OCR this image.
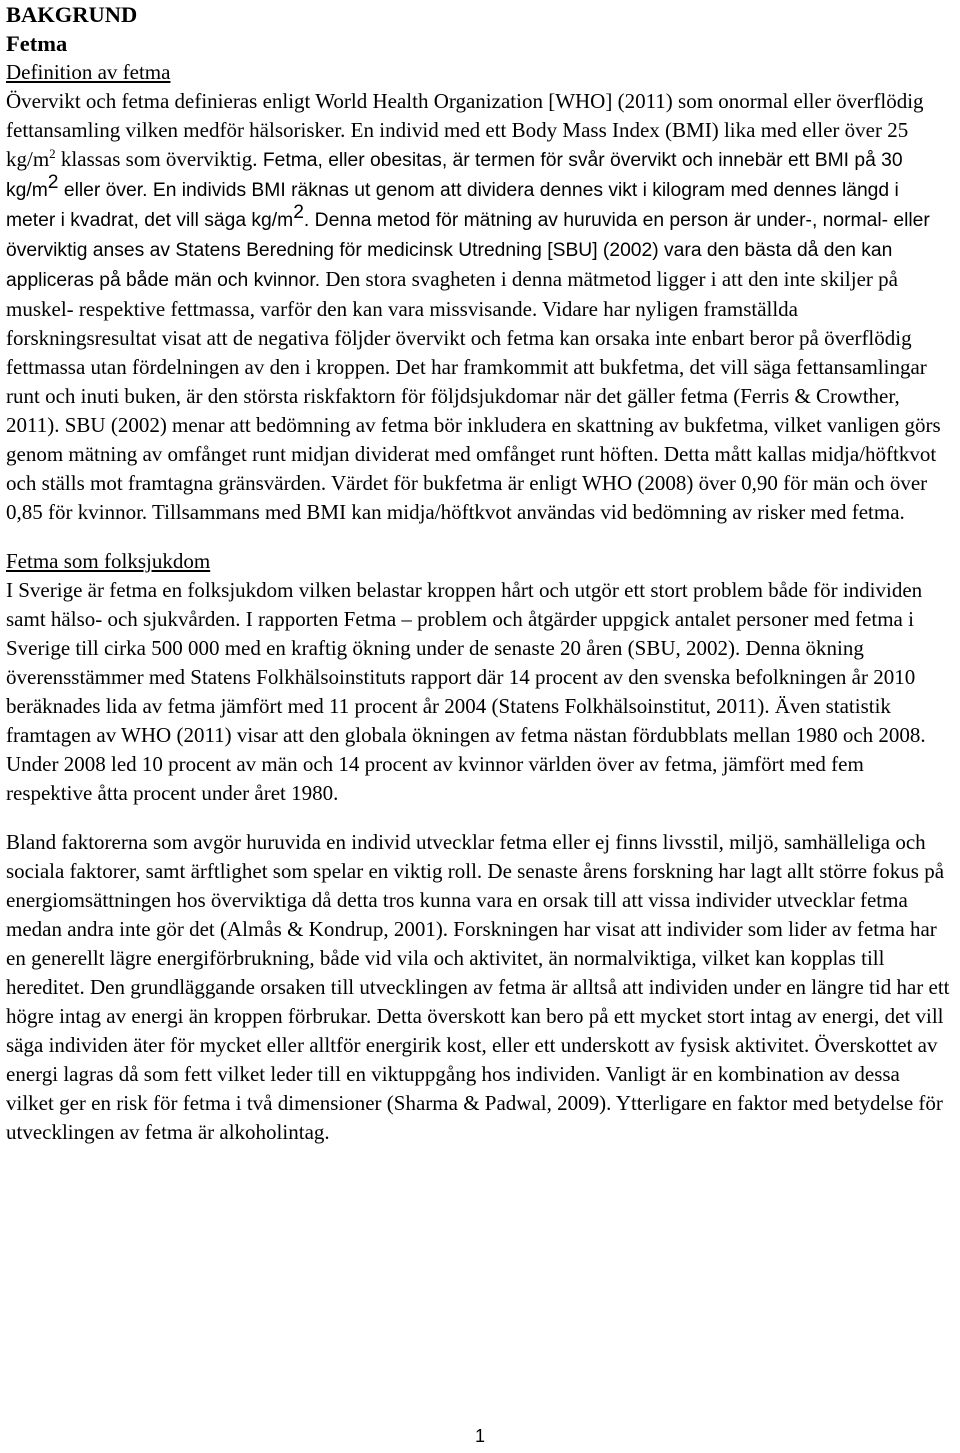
BAKGRUND
Fetma
Definition av fetma

Övervikt och fetma definieras enligt World Health Organization [WHO] (2011) som onormal eller överflödig fettansamling vilken medför hälsorisker. En individ med ett Body Mass Index (BMI) lika med eller över 25 $kg/m^2$ klassas som överviktig. Fetma, eller obesitas, är termen för svår övervikt och innebär ett BMI på 30 $kg/m^2$ eller över. En individs BMI räknas ut genom att dividera dennes vikt i kilogram med dennes längd i meter i kvadrat, det vill säga $kg/m^2$. Denna metod för mätning av huruvida en person är under-, normal- eller överviktig anses av Statens Beredning för medicinsk Utredning [SBU] (2002) vara den bästa då den kan appliceras på både män och kvinnor. Den stora svagheten i denna mätmetod ligger i att den inte skiljer på muskel- respektive fettmassa, varför den kan vara missvisande. Vidare har nyligen framställda forskningsresultat visat att de negativa följder övervikt och fetma kan orsaka inte enbart beror på överflödig fettmassa utan fördelningen av den i kroppen. Det har framkommit att bukfetma, det vill säga fettansamlingar runt och inuti buken, är den största riskfaktorn för följdsjukdomar när det gäller fetma (Ferris & Crowther, 2011). SBU (2002) menar att bedömning av fetma bör inkludera en skattning av bukfetma, vilket vanligen görs genom mätning av omfånget runt midjan dividerat med omfånget runt höften. Detta mått kallas midja/höftkvot och ställs mot framtagna gränsvärden. Värdet för bukfetma är enligt WHO (2008) över 0,90 för män och över 0,85 för kvinnor. Tillsammans med BMI kan midja/höftkvot användas vid bedömning av risker med fetma.

Fetma som folksjukdom

I Sverige är fetma en folksjukdom vilken belastar kroppen hårt och utgör ett stort problem både för individen samt hälso- och sjukvården. I rapporten Fetma – problem och åtgärder uppgick antalet personer med fetma i Sverige till cirka 500 000 med en kraftig ökning under de senaste 20 åren (SBU, 2002). Denna ökning överensstämmer med Statens Folkhälsoinstituts rapport där 14 procent av den svenska befolkningen år 2010 beräknades lida av fetma jämfört med 11 procent år 2004 (Statens Folkhälsoinstitut, 2011). Även statistik framtagen av WHO (2011) visar att den globala ökningen av fetma nästan fördubblats mellan 1980 och 2008. Under 2008 led 10 procent av män och 14 procent av kvinnor världen över av fetma, jämfört med fem respektive åtta procent under året 1980.

Bland faktorerna som avgör huruvida en individ utvecklar fetma eller ej finns livsstil, miljö, samhälleliga och sociala faktorer, samt ärftlighet som spelar en viktig roll. De senaste årens forskning har lagt allt större fokus på energiomsättningen hos överviktiga då detta tros kunna vara en orsak till att vissa individer utvecklar fetma medan andra inte gör det (Almås & Kondrup, 2001). Forskningen har visat att individer som lider av fetma har en generellt lägre energiförbrukning, både vid vila och aktivitet, än normalviktiga, vilket kan kopplas till hereditet. Den grundläggande orsaken till utvecklingen av fetma är alltså att individen under en längre tid har ett högre intag av energi än kroppen förbrukar. Detta överskott kan bero på ett mycket stort intag av energi, det vill säga individen äter för mycket eller alltför energirik kost, eller ett underskott av fysisk aktivitet. Överskottet av energi lagras då som fett vilket leder till en viktuppgång hos individen. Vanligt är en kombination av dessa vilket ger en risk för fetma i två dimensioner (Sharma & Padwal, 2009). Ytterligare en faktor med betydelse för utvecklingen av fetma är alkoholintag.

1
